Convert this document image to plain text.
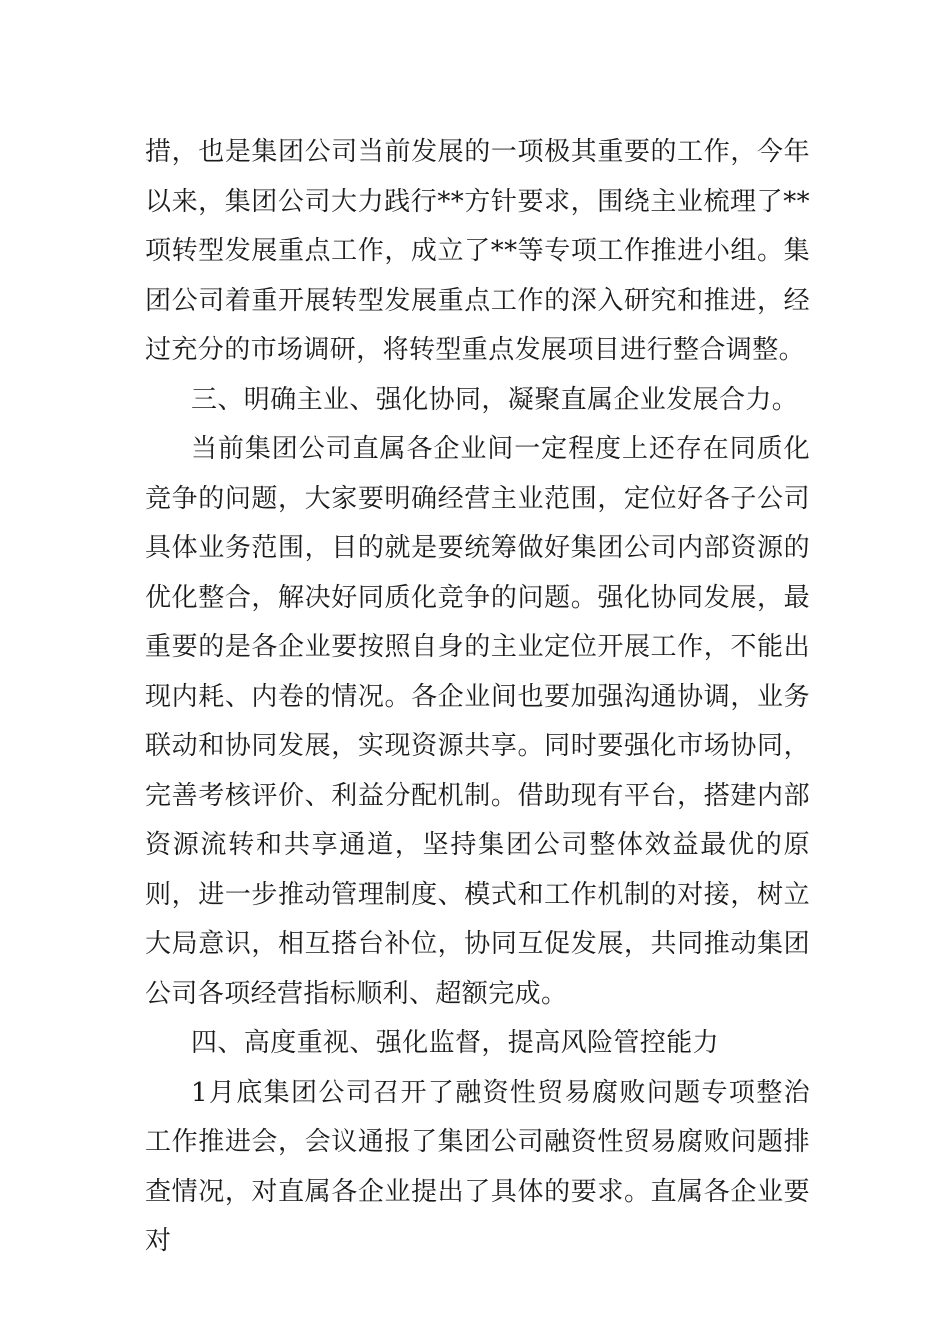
措，也是集团公司当前发展的一项极其重要的工作，今年以来，集团公司大力践行**方针要求，围绕主业梳理了**项转型发展重点工作，成立了**等专项工作推进小组。集团公司着重开展转型发展重点工作的深入研究和推进，经过充分的市场调研，将转型重点发展项目进行整合调整。

三、明确主业、强化协同，凝聚直属企业发展合力。

当前集团公司直属各企业间一定程度上还存在同质化竞争的问题，大家要明确经营主业范围，定位好各子公司具体业务范围，目的就是要统筹做好集团公司内部资源的优化整合，解决好同质化竞争的问题。强化协同发展，最重要的是各企业要按照自身的主业定位开展工作，不能出现内耗、内卷的情况。各企业间也要加强沟通协调，业务联动和协同发展，实现资源共享。同时要强化市场协同，完善考核评价、利益分配机制。借助现有平台，搭建内部资源流转和共享通道，坚持集团公司整体效益最优的原则，进一步推动管理制度、模式和工作机制的对接，树立大局意识，相互搭台补位，协同互促发展，共同推动集团公司各项经营指标顺利、超额完成。

四、高度重视、强化监督，提高风险管控能力

1月底集团公司召开了融资性贸易腐败问题专项整治工作推进会，会议通报了集团公司融资性贸易腐败问题排查情况，对直属各企业提出了具体的要求。直属各企业要对
